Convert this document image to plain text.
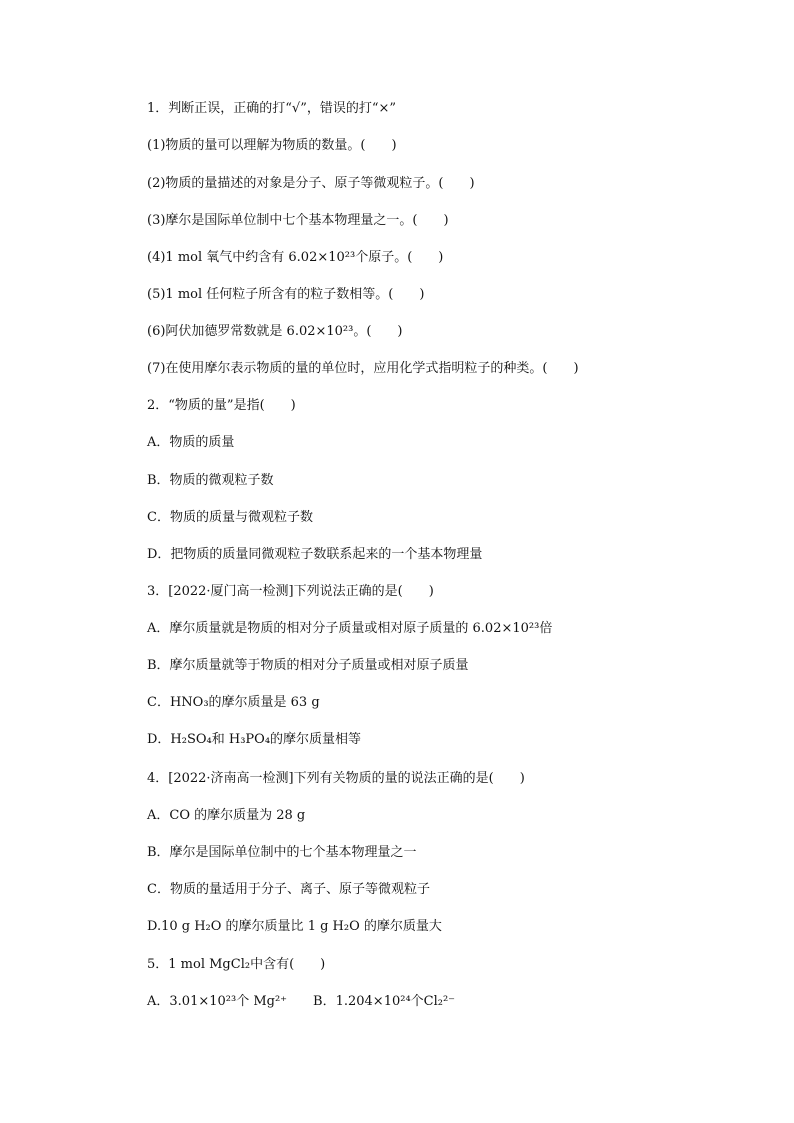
1．判断正误，正确的打“√”，错误的打“×”
(1)物质的量可以理解为物质的数量。(　　)
(2)物质的量描述的对象是分子、原子等微观粒子。(　　)
(3)摩尔是国际单位制中七个基本物理量之一。(　　)
(4)1 mol 氧气中约含有 6.02×10²³个原子。(　　)
(5)1 mol 任何粒子所含有的粒子数相等。(　　)
(6)阿伏加德罗常数就是 6.02×10²³。(　　)
(7)在使用摩尔表示物质的量的单位时，应用化学式指明粒子的种类。(　　)
2．“物质的量”是指(　　)
A．物质的质量
B．物质的微观粒子数
C．物质的质量与微观粒子数
D．把物质的质量同微观粒子数联系起来的一个基本物理量
3．[2022·厦门高一检测]下列说法正确的是(　　)
A．摩尔质量就是物质的相对分子质量或相对原子质量的 6.02×10²³倍
B．摩尔质量就等于物质的相对分子质量或相对原子质量
C．HNO₃的摩尔质量是 63 g
D．H₂SO₄和 H₃PO₄的摩尔质量相等
4．[2022·济南高一检测]下列有关物质的量的说法正确的是(　　)
A．CO 的摩尔质量为 28 g
B．摩尔是国际单位制中的七个基本物理量之一
C．物质的量适用于分子、离子、原子等微观粒子
D.10 g H₂O 的摩尔质量比 1 g H₂O 的摩尔质量大
5．1 mol MgCl₂中含有(　　)
A．3.01×10²³个 Mg²⁺　　B．1.204×10²⁴个Cl₂²⁻
